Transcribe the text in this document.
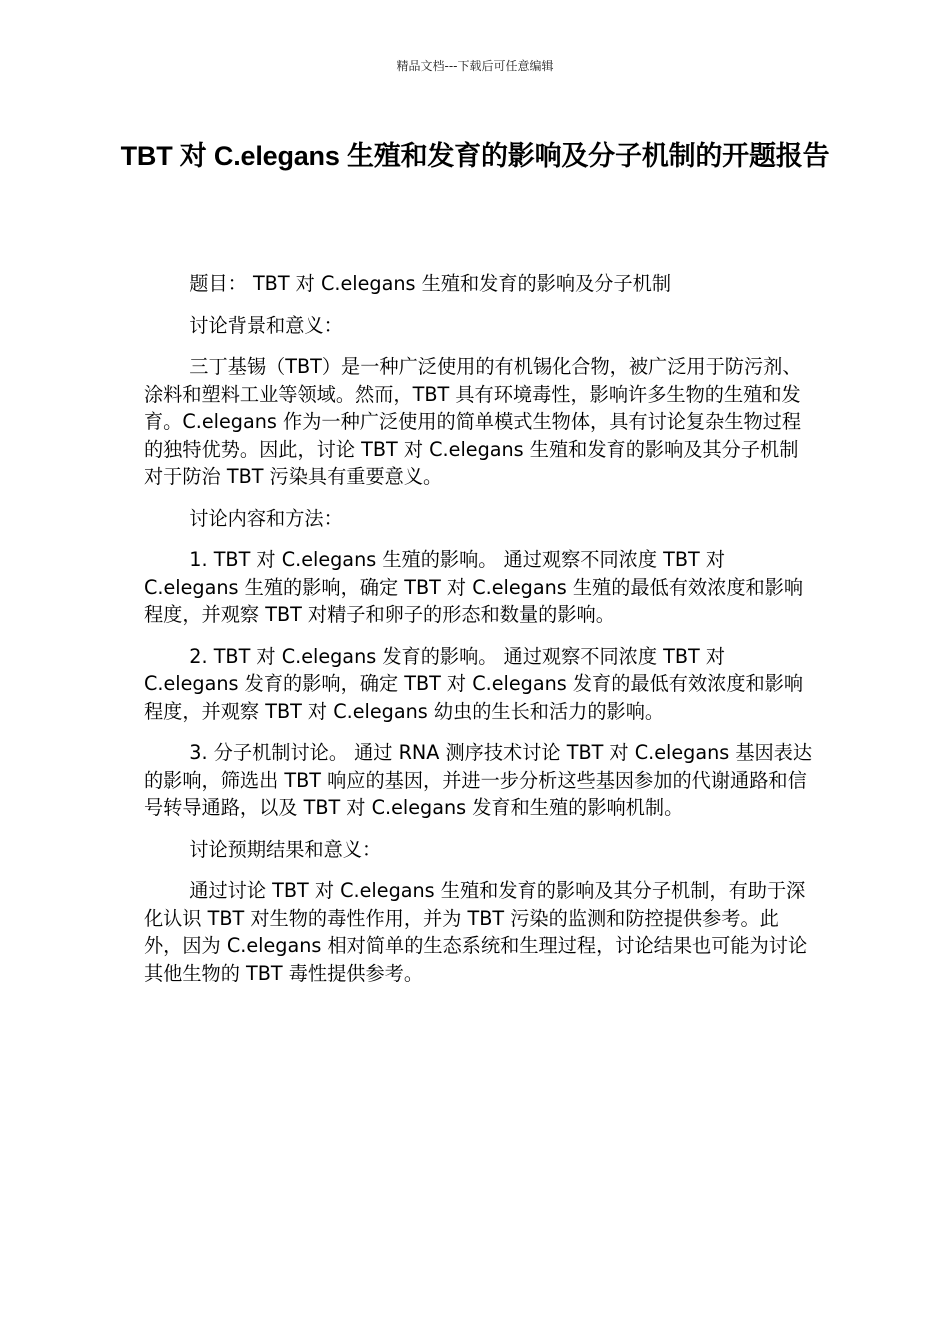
精品文档---下载后可任意编辑
TBT 对 C.elegans 生殖和发育的影响及分子机制的开题报告

题目： TBT 对 C.elegans 生殖和发育的影响及分子机制

讨论背景和意义：

三丁基锡（TBT）是一种广泛使用的有机锡化合物，被广泛用于防污剂、涂料和塑料工业等领域。然而，TBT 具有环境毒性，影响许多生物的生殖和发育。C.elegans 作为一种广泛使用的简单模式生物体，具有讨论复杂生物过程的独特优势。因此，讨论 TBT 对 C.elegans 生殖和发育的影响及其分子机制对于防治 TBT 污染具有重要意义。

讨论内容和方法：

1. TBT 对 C.elegans 生殖的影响。 通过观察不同浓度 TBT 对 C.elegans 生殖的影响，确定 TBT 对 C.elegans 生殖的最低有效浓度和影响程度，并观察 TBT 对精子和卵子的形态和数量的影响。

2. TBT 对 C.elegans 发育的影响。 通过观察不同浓度 TBT 对 C.elegans 发育的影响，确定 TBT 对 C.elegans 发育的最低有效浓度和影响程度，并观察 TBT 对 C.elegans 幼虫的生长和活力的影响。

3. 分子机制讨论。 通过 RNA 测序技术讨论 TBT 对 C.elegans 基因表达的影响，筛选出 TBT 响应的基因，并进一步分析这些基因参加的代谢通路和信号转导通路，以及 TBT 对 C.elegans 发育和生殖的影响机制。

讨论预期结果和意义：

通过讨论 TBT 对 C.elegans 生殖和发育的影响及其分子机制，有助于深化认识 TBT 对生物的毒性作用，并为 TBT 污染的监测和防控提供参考。此外，因为 C.elegans 相对简单的生态系统和生理过程，讨论结果也可能为讨论其他生物的 TBT 毒性提供参考。
